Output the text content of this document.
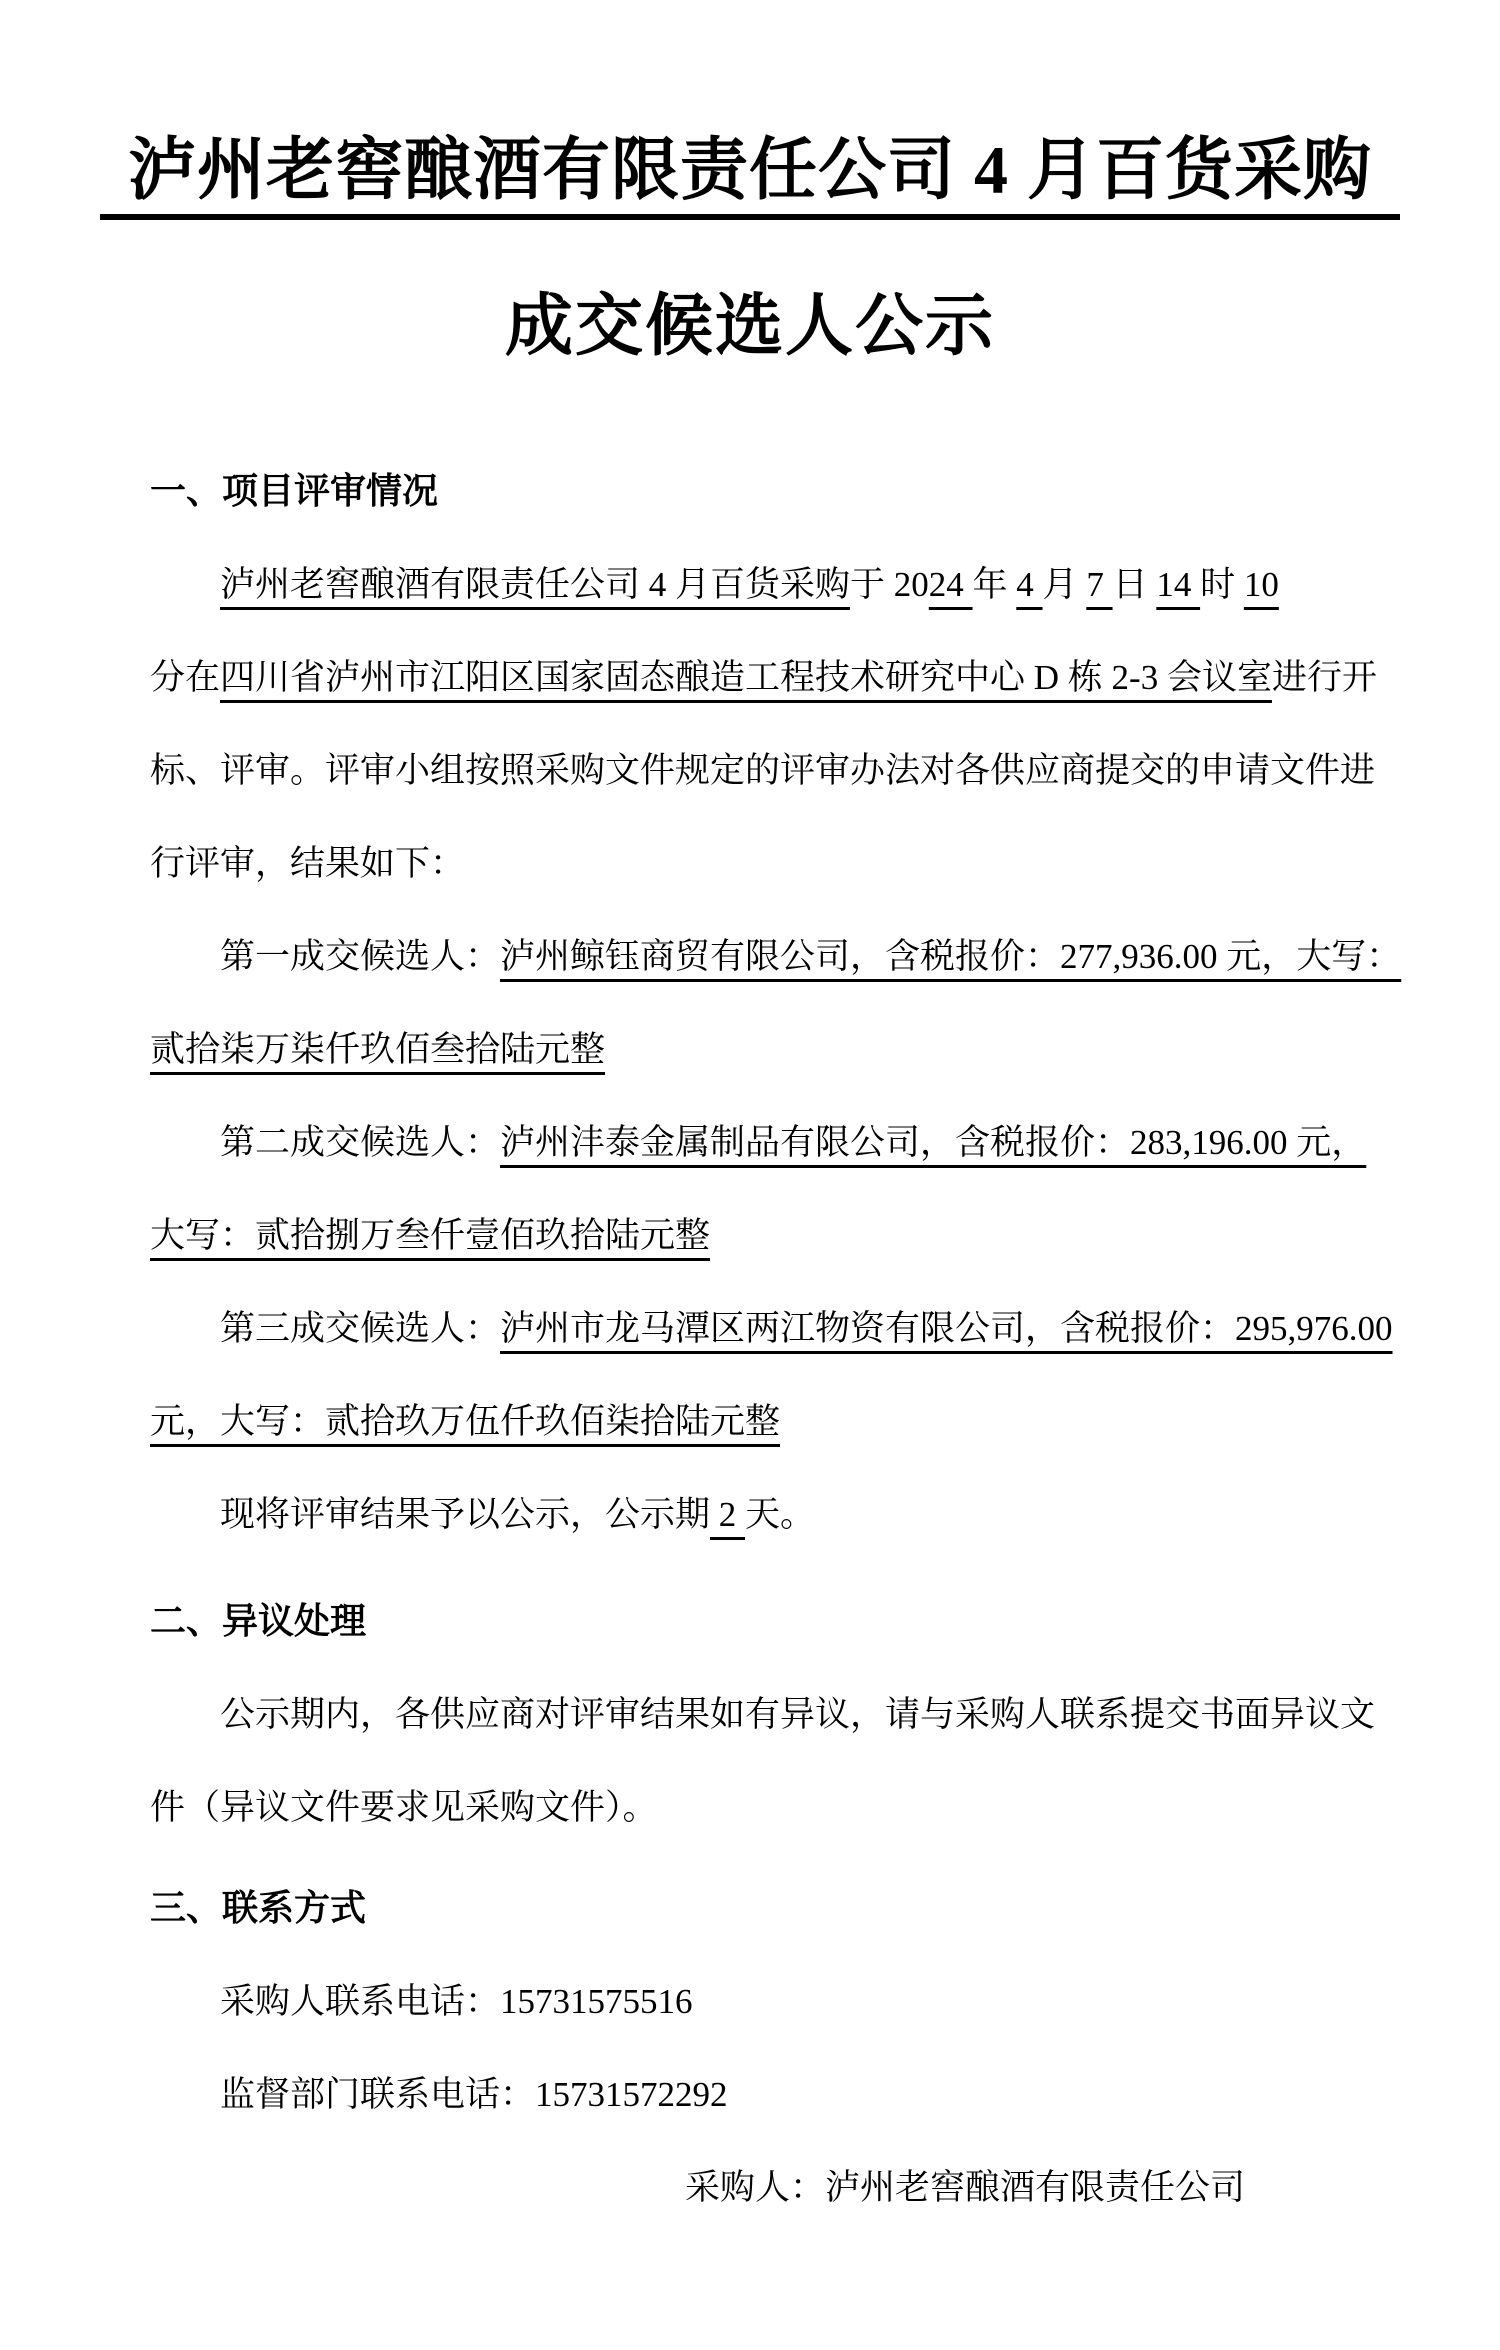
泸州老窖酿酒有限责任公司 4 月百货采购
成交候选人公示
一、项目评审情况
泸州老窖酿酒有限责任公司 4 月百货采购于 2024 年 4 月 7 日 14 时 10
分在四川省泸州市江阳区国家固态酿造工程技术研究中心 D 栋 2-3 会议室进行开
标、评审。评审小组按照采购文件规定的评审办法对各供应商提交的申请文件进
行评审，结果如下：
第一成交候选人：泸州鲸钰商贸有限公司，含税报价：277,936.00 元，大写：
贰拾柒万柒仟玖佰叁拾陆元整
第二成交候选人：泸州沣泰金属制品有限公司，含税报价：283,196.00 元，
大写：贰拾捌万叁仟壹佰玖拾陆元整
第三成交候选人：泸州市龙马潭区两江物资有限公司，含税报价：295,976.00
元，大写：贰拾玖万伍仟玖佰柒拾陆元整
现将评审结果予以公示，公示期 2 天。
二、异议处理
公示期内，各供应商对评审结果如有异议，请与采购人联系提交书面异议文
件（异议文件要求见采购文件）。
三、联系方式
采购人联系电话：15731575516
监督部门联系电话：15731572292
采购人：泸州老窖酿酒有限责任公司
